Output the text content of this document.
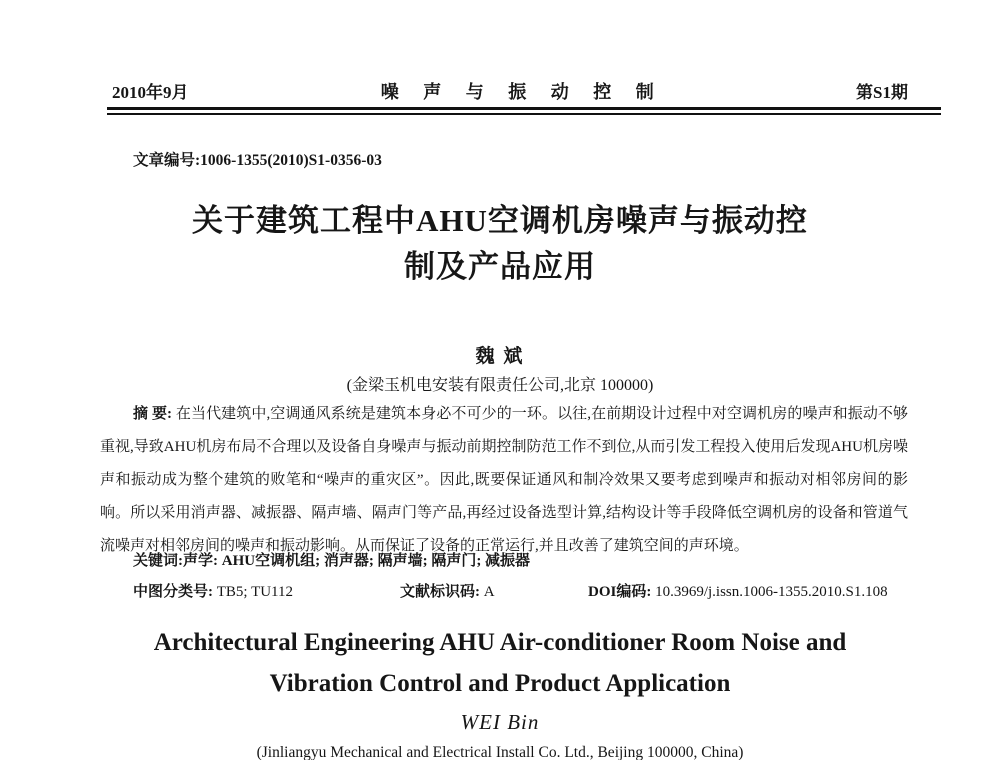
2010年9月	噪 声 与 振 动 控 制	第S1期
文章编号:1006-1355(2010)S1-0356-03
关于建筑工程中AHU空调机房噪声与振动控
制及产品应用
魏 斌
(金梁玉机电安装有限责任公司,北京 100000)

摘 要: 在当代建筑中,空调通风系统是建筑本身必不可少的一环。以往,在前期设计过程中对空调机房的噪声和振动不够重视,导致AHU机房布局不合理以及设备自身噪声与振动前期控制防范工作不到位,从而引发工程投入使用后发现AHU机房噪声和振动成为整个建筑的败笔和“噪声的重灾区”。因此,既要保证通风和制冷效果又要考虑到噪声和振动对相邻房间的影响。所以采用消声器、减振器、隔声墙、隔声门等产品,再经过设备选型计算,结构设计等手段降低空调机房的设备和管道气流噪声对相邻房间的噪声和振动影响。从而保证了设备的正常运行,并且改善了建筑空间的声环境。

关键词:声学: AHU空调机组; 消声器; 隔声墙; 隔声门; 减振器
中图分类号: TB5; TU112	文献标识码: A	DOI编码: 10.3969/j.issn.1006-1355.2010.S1.108
Architectural Engineering AHU Air-conditioner Room Noise and
Vibration Control and Product Application
WEI Bin
(Jinliangyu Mechanical and Electrical Install Co. Ltd., Beijing 100000, China)
